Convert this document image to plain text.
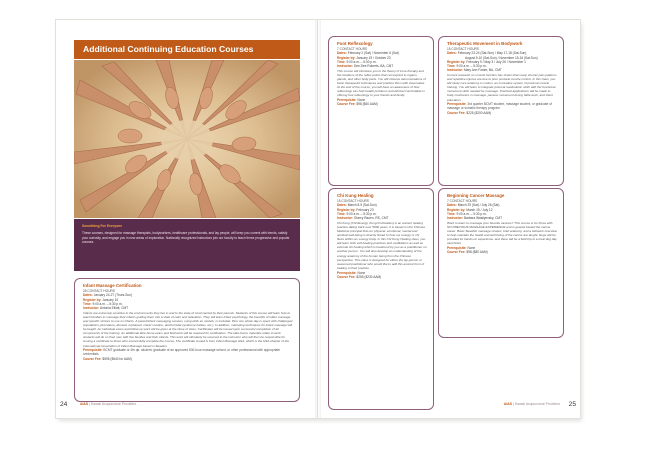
Additional Continuing Education Courses
Something For Everyone
These courses, designed for massage therapists, bodyworkers, healthcare professionals, and lay people, will keep you current with trends, satisfy your curiosity, and engage you in new areas of exploration. Nationally recognized instructors join our faculty to teach these progressive and popular courses.
Infant Massage Certification
28 CONTACT HOURS
Dates:January 24-27 (Thurs-Sun)
Register by:January 10
Time:9:00 a.m. – 5:30 p.m.
Instructor:Antonia Elliott, CMT
Infants are extremely sensitive to the environments they live in and to the state of mind carried by their parents. Students of this course will learn how to teach families to massage their infants guiding them into a state of calm and relaxation. They will learn infant psychology, the benefits of infant massage and specific strokes to use on infants. A parent/infant massaging session, using dolls as models, is included. Plus one whole day is spent with challenged populations (premature, abused, orphaned, crack/ cocaine, alcohol fetal syndrome babies, etc.). In addition, marketing techniques for infant massage will be taught. An individual exam and follow-up work will be given at the close of class. Certificates will be issued upon successful completion of all components of the training. An additional take-home exam and field work will be required for certification. The take-home materials relate to work students will do on their own with five families and their infants. This work will ultimately be returned to the instructor who will then be responsible for issuing a certificate to those who successfully complete the course. The certificate issued is from Infant Massage USA, which is the USA chapter of the International Association of Infant Massage based in Sweden.
Prerequisite: BCMT graduate or 4th qtr. student; graduate of an approved 500-hour massage school; or other professional with appropriate credentials.
Course Fee:$595 ($540 for AAM)
AIAS | Hawaii Acupuncture Providers
24
Foot Reflexology
7 CONTACT HOURS
Dates:February 2 (Sat) / November 6 (Sat)
Register by:January 19 / October 23
Time:9:00 a.m. – 5:00 p.m.
Instructor:Dee Dee Roberts, BA, CMT
This course will introduce you to the theory of zone therapy and the locations of the reflex points that correspond to organs, glands, and other body parts. You will observe demonstrations of basic therapeutic techniques and practice them with classmates. At the end of the course, you will have an awareness of how reflexology can help health problems and will feel comfortable in offering foot reflexology to your friends and family.
Prerequisite:None
Course Fee:$98 ($60 AAM)
Therapeutic Movement in Bodywork
15 CONTACT HOURS
Dates:February 23-24 (Sat-Sun) / May 17-18 (Sat-Sun)
August 9-10 (Sat-Sun) / November 15-16 (Sat-Sun)
Register by:February 9 / May 3 / July 26 / November 1
Time:9:00 a.m. – 5:30 p.m.
Instructor:Mary Ann Foster, BA, CMT
Current research on muscle function has shown that many chronic pain patterns and repetitive injuries are due to poor postural muscle control. In this class, you will study core anatomy in motion, an innovative system of postural muscle training. You will learn to integrate postural reeducation skills with the functional movement skills needed for massage. Practical applications will be made to body mechanics in massage, passive movement during table work, and client education.
Prerequisite: 3rd quarter BCMT student, massage student, or graduate of massage or somatic therapy program
Course Fee:$225 ($200 AAM)
Chi Kung Healing
15 CONTACT HOURS
Dates:March 8-9 (Sat-Sun)
Register by:February 23
Time:9:00 a.m. – 5:30 p.m.
Instructor:Sherry Rauen, RS, CMT
Chi Kung (Chi=Energy, Kung=Cultivation) is an ancient healing practice dating back over 5000 years. It is based on the Chinese Medicine principal that our physical, emotional, mental and spiritual well-being is directly linked to how our energy or chi flows within our energy body. In this Chi Kung Healing class, you will learn both self-healing practices and meditations as well as external chi healing which is treatment by you as a practitioner on another person. You will also develop an understanding of the energy anatomy of the human being from the Chinese perspective. This class is designed for either the lay-person or seasoned practitioner who would like to add this ancient form of healing to their practice.
Prerequisite:None
Course Fee:$255 ($230 AAM)
Beginning Cancer Massage
7 CONTACT HOURS
Dates:March 29 (Sat) / July 26 (Sat)
Register by:March 15 / July 12
Time:9:00 a.m. – 5:30 p.m.
Instructor:Barbara Wasilyevsky, CMT
Want to learn to massage your favorite canines? This course is for those with NO PREVIOUS MASSAGE EXPERIENCE and is geared toward the canine owner. Basic Swedish massage strokes, brief anatomy, and a behavior overview to help maintain the health and well being of the canine are taught. Dogs will be provided for hands-on experience, and there will be a field trip to a local dog day care/hotel.
Prerequisite:None
Course Fee:$98 ($80 AAM)
AIAS | Hawaii Acupuncture Providers 25
